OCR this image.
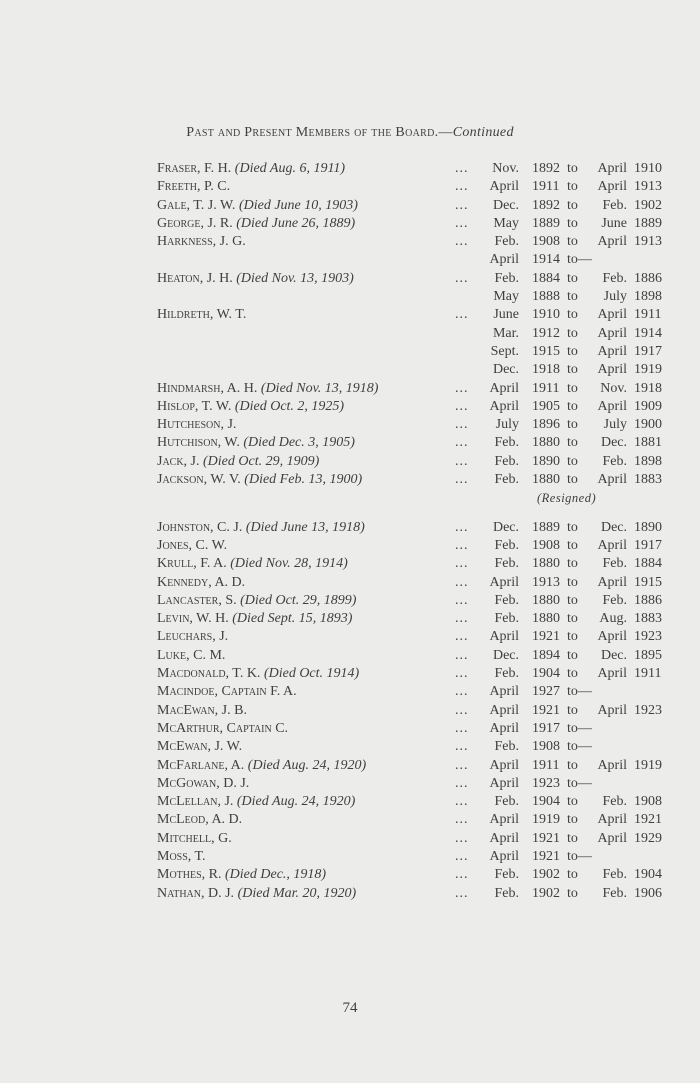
Past and Present Members of the Board.—Continued
Fraser, F. H. (Died Aug. 6, 1911)	... Nov. 1892 to April 1910
Freeth, P. C.	... April 1911 to April 1913
Gale, T. J. W. (Died June 10, 1903)	... Dec. 1892 to Feb. 1902
George, J. R. (Died June 26, 1889)	... May 1889 to June 1889
Harkness, J. G.	... Feb. 1908 to April 1913
April 1914 to—
Heaton, J. H. (Died Nov. 13, 1903)	... Feb. 1884 to Feb. 1886
May 1888 to July 1898
Hildreth, W. T.	... June 1910 to April 1911
Mar. 1912 to April 1914
Sept. 1915 to April 1917
Dec. 1918 to April 1919
Hindmarsh, A. H. (Died Nov. 13, 1918)	... April 1911 to Nov. 1918
Hislop, T. W. (Died Oct. 2, 1925)	... April 1905 to April 1909
Hutcheson, J.	... July 1896 to July 1900
Hutchison, W. (Died Dec. 3, 1905)	... Feb. 1880 to Dec. 1881
Jack, J. (Died Oct. 29, 1909)	... Feb. 1890 to Feb. 1898
Jackson, W. V. (Died Feb. 13, 1900)	... Feb. 1880 to April 1883
(Resigned)
Johnston, C. J. (Died June 13, 1918)	... Dec. 1889 to Dec. 1890
Jones, C. W.	... Feb. 1908 to April 1917
Krull, F. A. (Died Nov. 28, 1914)	... Feb. 1880 to Feb. 1884
Kennedy, A. D.	... April 1913 to April 1915
Lancaster, S. (Died Oct. 29, 1899)	... Feb. 1880 to Feb. 1886
Levin, W. H. (Died Sept. 15, 1893)	... Feb. 1880 to Aug. 1883
Leuchars, J.	... April 1921 to April 1923
Luke, C. M.	... Dec. 1894 to Dec. 1895
Macdonald, T. K. (Died Oct. 1914)	... Feb. 1904 to April 1911
Macindoe, Captain F. A.	... April 1927 to—
MacEwan, J. B.	... April 1921 to April 1923
McArthur, Captain C.	... April 1917 to—
McEwan, J. W.	... Feb. 1908 to—
McFarlane, A. (Died Aug. 24, 1920)	... April 1911 to April 1919
McGowan, D. J.	... April 1923 to—
McLellan, J. (Died Aug. 24, 1920)	... Feb. 1904 to Feb. 1908
McLeod, A. D.	... April 1919 to April 1921
Mitchell, G.	... April 1921 to April 1929
Moss, T.	... April 1921 to—
Mothes, R. (Died Dec., 1918)	... Feb. 1902 to Feb. 1904
Nathan, D. J. (Died Mar. 20, 1920)	... Feb. 1902 to Feb. 1906
74
